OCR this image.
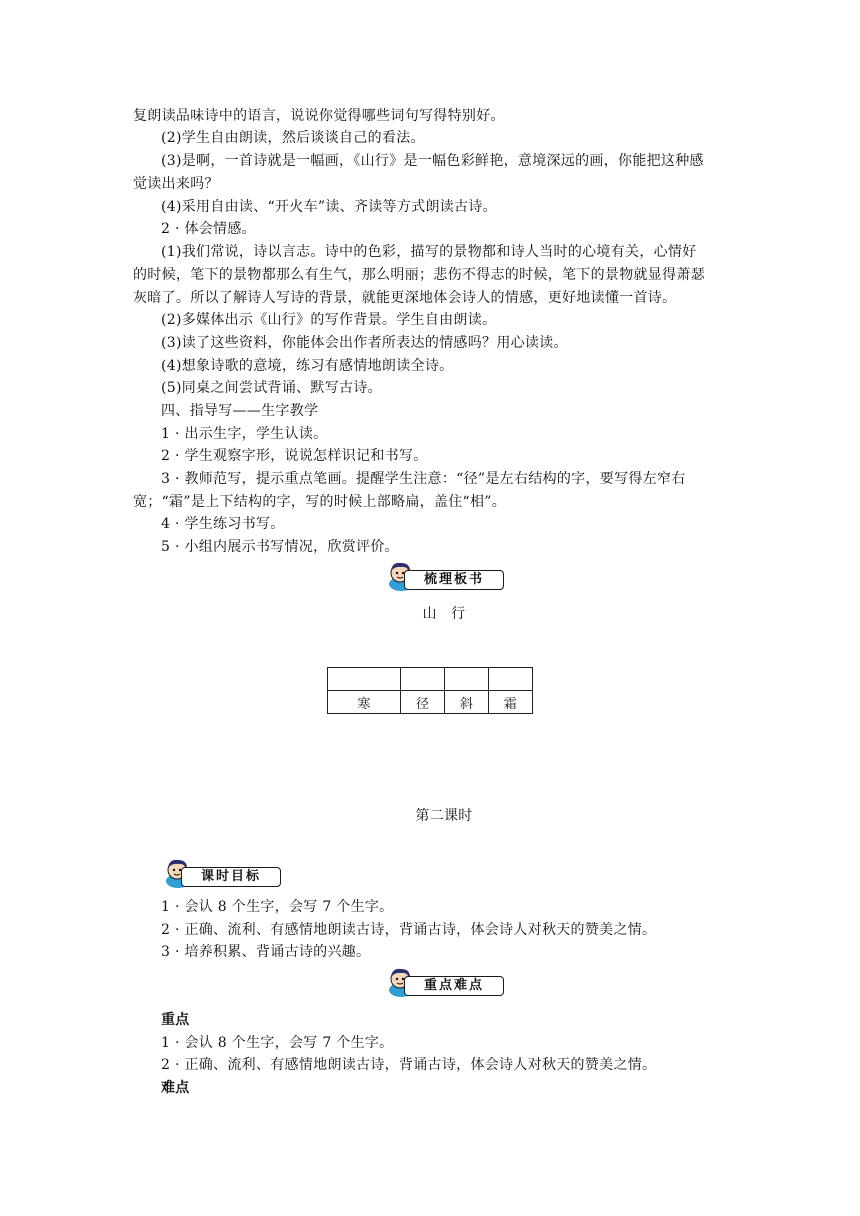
复朗读品味诗中的语言，说说你觉得哪些词句写得特别好。
(2)学生自由朗读，然后谈谈自己的看法。
(3)是啊，一首诗就是一幅画，《山行》是一幅色彩鲜艳，意境深远的画，你能把这种感
觉读出来吗？
(4)采用自由读、“开火车”读、齐读等方式朗读古诗。
2 · 体会情感。
(1)我们常说，诗以言志。诗中的色彩，描写的景物都和诗人当时的心境有关，心情好
的时候，笔下的景物都那么有生气，那么明丽；悲伤不得志的时候，笔下的景物就显得萧瑟
灰暗了。所以了解诗人写诗的背景，就能更深地体会诗人的情感，更好地读懂一首诗。
(2)多媒体出示《山行》的写作背景。学生自由朗读。
(3)读了这些资料，你能体会出作者所表达的情感吗？用心读读。
(4)想象诗歌的意境，练习有感情地朗读全诗。
(5)同桌之间尝试背诵、默写古诗。
四、指导写——生字教学
1 · 出示生字，学生认读。
2 · 学生观察字形，说说怎样识记和书写。
3 · 教师范写，提示重点笔画。提醒学生注意：“径”是左右结构的字，要写得左窄右
宽；“霜”是上下结构的字，写的时候上部略扁，盖住“相”。
4 · 学生练习书写。
5 · 小组内展示书写情况，欣赏评价。
梳理板书
山　行

寒	径	斜	霜
第二课时
课时目标
1 · 会认 8 个生字，会写 7 个生字。
2 · 正确、流利、有感情地朗读古诗，背诵古诗，体会诗人对秋天的赞美之情。
3 · 培养积累、背诵古诗的兴趣。
重点难点
重点
1 · 会认 8 个生字，会写 7 个生字。
2 · 正确、流利、有感情地朗读古诗，背诵古诗，体会诗人对秋天的赞美之情。
难点
